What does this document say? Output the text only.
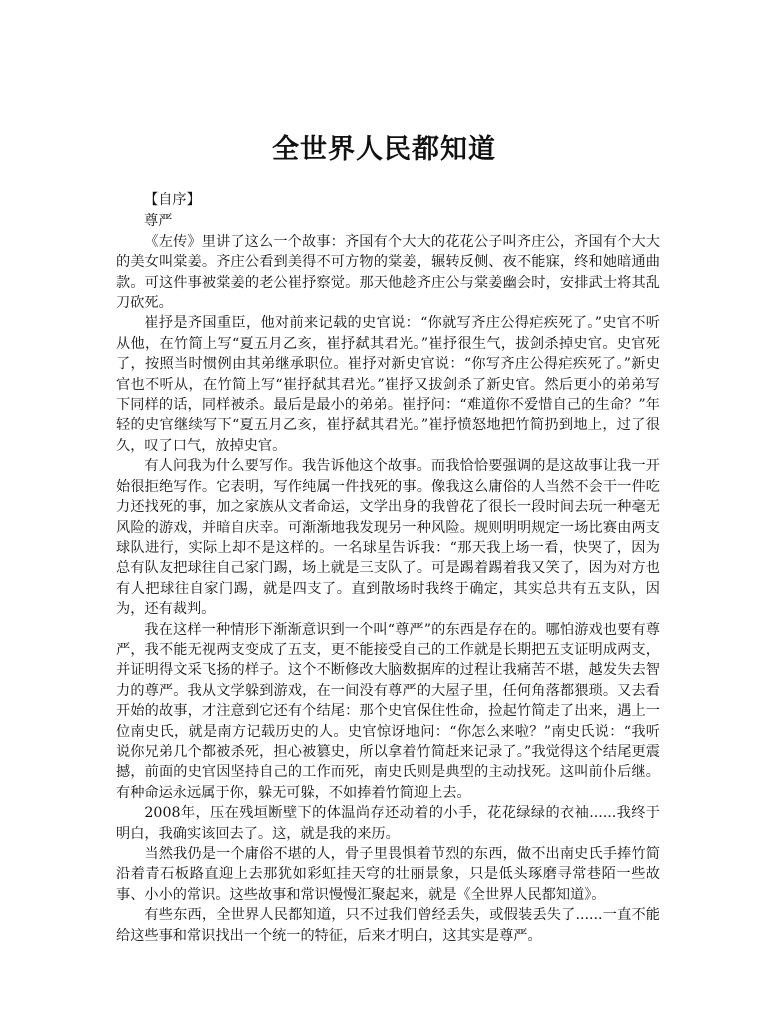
全世界人民都知道

【自序】

尊严

《左传》里讲了这么一个故事：齐国有个大大的花花公子叫齐庄公，齐国有个大大的美女叫棠姜。齐庄公看到美得不可方物的棠姜，辗转反侧、夜不能寐，终和她暗通曲款。可这件事被棠姜的老公崔抒察觉。那天他趁齐庄公与棠姜幽会时，安排武士将其乱刀砍死。

崔抒是齐国重臣，他对前来记载的史官说：“你就写齐庄公得疟疾死了。”史官不听从他，在竹简上写“夏五月乙亥，崔抒弑其君光。”崔抒很生气，拔剑杀掉史官。史官死了，按照当时惯例由其弟继承职位。崔抒对新史官说：“你写齐庄公得疟疾死了。”新史官也不听从，在竹简上写“崔抒弑其君光。”崔抒又拔剑杀了新史官。然后更小的弟弟写下同样的话，同样被杀。最后是最小的弟弟。崔抒问：“难道你不爱惜自己的生命？”年轻的史官继续写下“夏五月乙亥，崔抒弑其君光。”崔抒愤怒地把竹简扔到地上，过了很久，叹了口气，放掉史官。

有人问我为什么要写作。我告诉他这个故事。而我恰恰要强调的是这故事让我一开始很拒绝写作。它表明，写作纯属一件找死的事。像我这么庸俗的人当然不会干一件吃力还找死的事，加之家族从文者命运，文学出身的我曾花了很长一段时间去玩一种毫无风险的游戏，并暗自庆幸。可渐渐地我发现另一种风险。规则明明规定一场比赛由两支球队进行，实际上却不是这样的。一名球星告诉我：“那天我上场一看，快哭了，因为总有队友把球往自己家门踢，场上就是三支队了。可是踢着踢着我又笑了，因为对方也有人把球往自家门踢，就是四支了。直到散场时我终于确定，其实总共有五支队，因为，还有裁判。

我在这样一种情形下渐渐意识到一个叫“尊严”的东西是存在的。哪怕游戏也要有尊严，我不能无视两支变成了五支，更不能接受自己的工作就是长期把五支证明成两支，并证明得文采飞扬的样子。这个不断修改大脑数据库的过程让我痛苦不堪，越发失去智力的尊严。我从文学躲到游戏，在一间没有尊严的大屋子里，任何角落都猥琐。又去看开始的故事，才注意到它还有个结尾：那个史官保住性命，捡起竹简走了出来，遇上一位南史氏，就是南方记载历史的人。史官惊讶地问：“你怎么来啦？”南史氏说：“我听说你兄弟几个都被杀死，担心被篡史，所以拿着竹简赶来记录了。”我觉得这个结尾更震撼，前面的史官因坚持自己的工作而死，南史氏则是典型的主动找死。这叫前仆后继。有种命运永远属于你，躲无可躲，不如捧着竹简迎上去。

2008年，压在残垣断壁下的体温尚存还动着的小手，花花绿绿的衣袖......我终于明白，我确实该回去了。这，就是我的来历。

当然我仍是一个庸俗不堪的人，骨子里畏惧着节烈的东西，做不出南史氏手捧竹简沿着青石板路直迎上去那犹如彩虹挂天穹的壮丽景象，只是低头琢磨寻常巷陌一些故事、小小的常识。这些故事和常识慢慢汇聚起来，就是《全世界人民都知道》。

有些东西，全世界人民都知道，只不过我们曾经丢失，或假装丢失了......一直不能给这些事和常识找出一个统一的特征，后来才明白，这其实是尊严。
